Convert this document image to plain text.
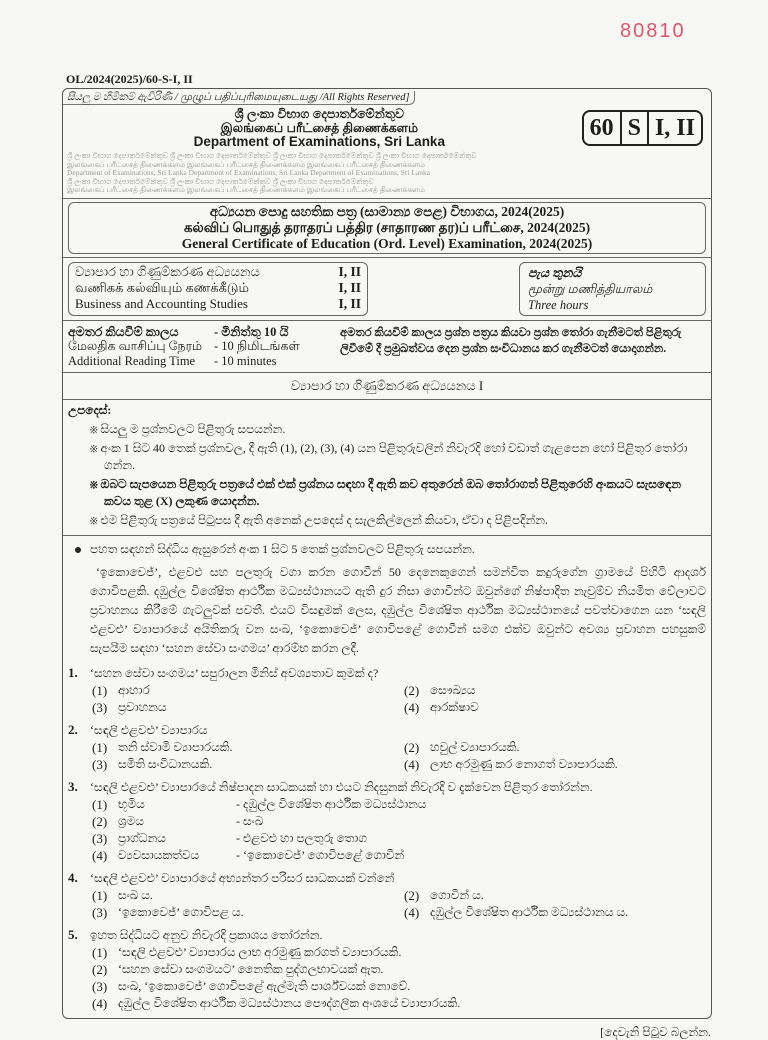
80810
OL/2024(2025)/60-S-I, II
සියලු ම හිමිකම් ඇවිරිණි / முழுப் பதிப்புரிமையுடையது /All Rights Reserved]
ශ්‍රී ලංකා විභාග දෙපාර්තමේන්තුව
இலங்கைப் பரீட்சைத் திணைக்களம்
Department of Examinations, Sri Lanka
60 S I, II
ශ්‍රී ලංකා විභාග දෙපාර්තමේන්තුව ශ්‍රී ලංකා විභාග දෙපාර්තමේන්තුව ශ්‍රී ලංකා විභාග දෙපාර්තමේන්තුව ශ්‍රී ලංකා විභාග දෙපාර්තමේන්තුව
இலங்கைப் பரீட்சைத் திணைக்களம் இலங்கைப் பரீட்சைத் திணைக்களம் இலங்கைப் பரீட்சைத் திணைக்களம்
Department of Examinations, Sri Lanka Department of Examinations, Sri Lanka Department of Examinations, Sri Lanka
ශ්‍රී ලංකා විභාග දෙපාර්තමේන්තුව ශ්‍රී ලංකා විභාග දෙපාර්තමේන්තුව ශ්‍රී ලංකා විභාග දෙපාර්තමේන්තුව
இலங்கைப் பரீட்சைத் திணைக்களம் இலங்கைப் பரீட்சைத் திணைக்களம் இலங்கைப் பரீட்சைத் திணைக்களம்
අධ්‍යයන පොදු සහතික පත්‍ර (සාමාන්‍ය පෙළ) විභාගය, 2024(2025)
கல்விப் பொதுத் தராதரப் பத்திர (சாதாரண தர)ப் பரீட்சை, 2024(2025)
General Certificate of Education (Ord. Level) Examination, 2024(2025)
ව්‍යාපාර හා ගිණුම්කරණ අධ්‍යයනය	I, II
வணிகக் கல்வியும் கணக்கீடும்	I, II
Business and Accounting Studies	I, II
පැය තුනයි
மூன்று மணித்தியாலம்
Three hours
අමතර කියවීම් කාලය	- මිනිත්තු 10 යි
மேலதிக வாசிப்பு நேரம் - 10 நிமிடங்கள்
Additional Reading Time	- 10 minutes
අමතර කියවීම් කාලය ප්‍රශ්න පත්‍රය කියවා ප්‍රශ්න තෝරා ගැනීමටත් පිළිතුරු ලිවීමේ දී ප්‍රමුඛත්වය දෙන ප්‍රශ්න සංවිධානය කර ගැනීමටත් යොදාගන්න.
ව්‍යාපාර හා ගිණුම්කරණ අධ්‍යයනය I
උපදෙස්:
※ සියලු ම ප්‍රශ්නවලට පිළිතුරු සපයන්න.
※ අංක 1 සිට 40 තෙක් ප්‍රශ්නවල, දී ඇති (1), (2), (3), (4) යන පිළිතුරුවලින් නිවැරදි හෝ වඩාත් ගැළපෙන හෝ පිළිතුර තෝරා ගන්න.
※ ඔබට සැපයෙන පිළිතුරු පත්‍රයේ එක් එක් ප්‍රශ්නය සඳහා දී ඇති කව අතුරෙන් ඔබ තෝරාගත් පිළිතුරෙහි අංකයට සැසඳෙන කවය තුළ (X) ලකුණ යොදන්න.
※ එම පිළිතුරු පත්‍රයේ පිටුපස දී ඇති අනෙක් උපදෙස් ද සැලකිල්ලෙන් කියවා, ඒවා ද පිළිපදින්න.
පහත සඳහන් සිද්ධිය ඇසුරෙන් අංක 1 සිට 5 තෙක් ප්‍රශ්නවලට පිළිතුරු සපයන්න.

‘ඉකොවෙජ්’, එළවළු සහ පලතුරු වගා කරන ගොවීන් 50 දෙනෙකුගෙන් සමන්විත කදුරුගේන ග්‍රාමයේ පිහිටි ආදර්ශ ගොවිපළකි. දඹුල්ල විශේෂිත ආර්ථික මධ්‍යස්ථානයට ඇති දුර නිසා ගොවීන්ට ඔවුන්ගේ නිෂ්පාදිත නැවුම්ව නියමිත වේලාවට ප්‍රවාහනය කිරීමේ ගැටලුවක් පවතී. එයට විසඳුමක් ලෙස, දඹුල්ල විශේෂිත ආර්ථික මධ්‍යස්ථානයේ පවත්වාගෙන යන ‘සඳලි එළවළු’ ව්‍යාපාරයේ අයිතිකරු වන සංඛ, ‘ඉකොවෙජ්’ ගොවිපළේ ගොවීන් සමග එක්ව ඔවුන්ට අවශ්‍ය ප්‍රවාහන පහසුකම් සැපයීම සඳහා ‘සහන සේවා සංගමය’ ආරම්භ කරන ලදී.

1.	‘සහන සේවා සංගමය’ සපුරාලන මිනිස් අවශ්‍යතාව කුමක් ද?
(1) ආහාර	(2) සෞඛ්‍යය
(3) ප්‍රවාහනය	(4) ආරක්ෂාව
2.	‘සඳලි එළවළු’ ව්‍යාපාරය
(1) තනි ස්වාමි ව්‍යාපාරයකි.	(2) හවුල් ව්‍යාපාරයකි.
(3) සමිති සංවිධානයකි.	(4) ලාභ අරමුණු කර නොගත් ව්‍යාපාරයකි.
3.	‘සඳලි එළවළු’ ව්‍යාපාරයේ නිෂ්පාදන සාධකයක් හා එයට නිදසුනක් නිවැරදි ව දැක්වෙන පිළිතුර තෝරන්න.
(1) භූමිය	- දඹුල්ල විශේෂිත ආර්ථික මධ්‍යස්ථානය
(2) ශ්‍රමය	- සංඛ
(3) ප්‍රාග්ධනය	- එළවළු හා පලතුරු තොග
(4) ව්‍යවසායකත්වය	- ‘ඉකොවෙජ්’ ගොවිපළේ ගොවීන්
4.	‘සඳලි එළවළු’ ව්‍යාපාරයේ අභ්‍යන්තර පරිසර සාධකයක් වන්නේ
(1) සංඛ ය.	(2) ගොවීන් ය.
(3) ‘ඉකොවෙජ්’ ගොවිපළ ය.	(4) දඹුල්ල විශේෂිත ආර්ථික මධ්‍යස්ථානය ය.
5.	ඉහත සිද්ධියට අනුව නිවැරදි ප්‍රකාශය තෝරන්න.
(1) ‘සඳලි එළවළු’ ව්‍යාපාරය ලාභ අරමුණු කරගත් ව්‍යාපාරයකි.
(2) ‘සහන සේවා සංගමයට’ නෛතික පුද්ගලභාවයක් ඇත.
(3) සංඛ, ‘ඉකොවෙජ්’ ගොවිපළේ ඇල්මැති පාර්ශ්වයක් නොවේ.
(4) දඹුල්ල විශේෂිත ආර්ථික මධ්‍යස්ථානය පෞද්ගලික අංශයේ ව්‍යාපාරයකි.
[දෙවැනි පිටුව බලන්න.
